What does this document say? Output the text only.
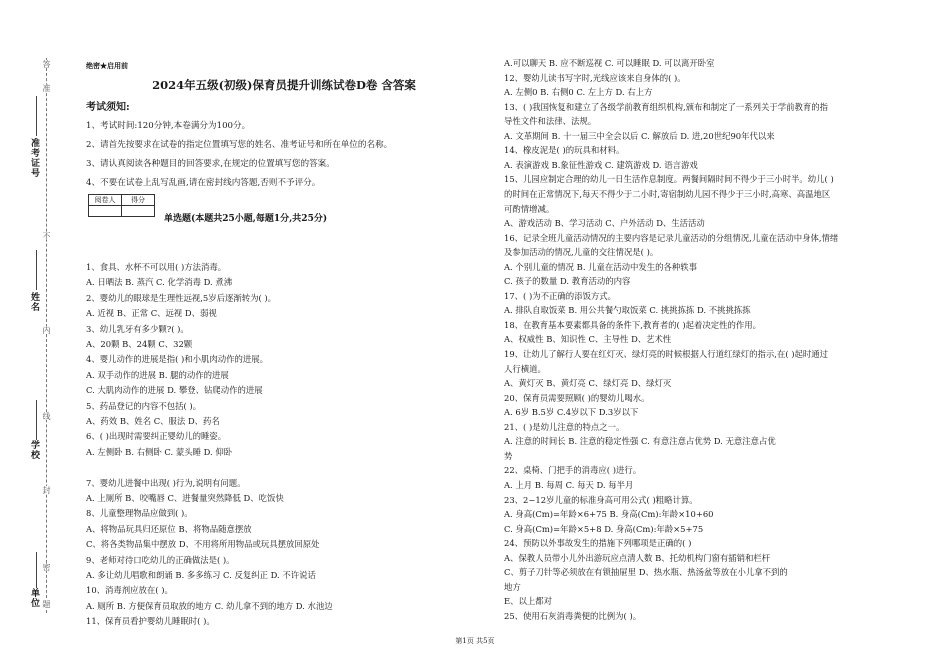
准考证号
姓名
学校
单位
不
内
线
封
密
题
答
准
绝密★启用前
2024年五级(初级)保育员提升训练试卷D卷 含答案
考试须知:
1、考试时间:120分钟,本卷满分为100分。
2、请首先按要求在试卷的指定位置填写您的姓名、准考证号和所在单位的名称。
3、请认真阅读各种题目的回答要求,在规定的位置填写您的答案。
4、不要在试卷上乱写乱画,请在密封线内答题,否则不予评分。
阅卷人	得分

单选题(本题共25小题,每题1分,共25分)
1、食具、水杯不可以用( )方法消毒。
A. 日晒法 B. 蒸汽 C. 化学消毒 D. 煮沸
2、婴幼儿的眼球是生理性远视,5岁后逐渐转为( )。
A. 近视 B、正常 C、远视 D、弱视
3、幼儿乳牙有多少颗?( )。
A、20颗 B、24颗 C、32颗
4、婴儿动作的进展是指( )和小肌肉动作的进展。
A. 双手动作的进展 B. 腿的动作的进展
C. 大肌肉动作的进展 D. 攀登、钻爬动作的进展
5、药品登记的内容不包括( )。
A、药效 B、姓名 C、服法 D、药名
6、( )出现时需要纠正婴幼儿的睡姿。
A. 左侧卧 B. 右侧卧 C. 蒙头睡 D. 仰卧
7、婴幼儿进餐中出现( )行为,说明有问题。
A. 上厕所 B、咬嘴唇 C、进餐量突然降低 D、吃饭快
8、儿童整理物品应做到( )。
A、将物品玩具归还原位 B、将物品随意摆放
C、将各类物品集中摆放 D、不用将所用物品或玩具摆放回原处
9、老师对待口吃幼儿的正确做法是( )。
A. 多让幼儿唱歌和朗诵 B. 多多练习 C. 反复纠正 D. 不许说话
10、消毒剂应放在( )。
A. 厕所 B. 方便保育员取放的地方 C. 幼儿拿不到的地方 D. 水池边
11、保育员看护婴幼儿睡眠时( )。
A.可以聊天 B. 应不断巡视 C. 可以睡眠 D. 可以离开卧室
12、婴幼儿读书写字时,光线应该来自身体的( )。
A. 左侧0 B. 右侧0 C. 左上方 D. 右上方
13、( )我国恢复和建立了各级学前教育组织机构,颁布和制定了一系列关于学前教育的指
导性文件和法律、法规。
A. 文革期间 B. 十一届三中全会以后 C. 解放后 D. 进,20世纪90年代以来
14、橡皮泥是( )的玩具和材料。
A. 表演游戏 B.象征性游戏 C. 建筑游戏 D. 语言游戏
15、儿园应制定合理的幼儿一日生活作息制度。两餐间隔时间不得少于三小时半。幼儿( )
的时间在正常情况下,每天不得少于二小时,寄宿制幼儿园不得少于三小时,高寒、高温地区
可酌情增减。
A、游戏活动 B、学习活动 C、户外活动 D、生活活动
16、记录全班儿童活动情况的主要内容是记录儿童活动的分组情况,儿童在活动中身体,情绪
及参加活动的情况,儿童的交往情况是( )。
A. 个别儿童的情况 B. 儿童在活动中发生的各种轶事
C. 孩子的数量 D. 教育活动的内容
17、( )为不正确的添饭方式。
A. 排队自取饭菜 B. 用公共餐勺取饭菜 C. 挑挑拣拣 D. 不挑挑拣拣
18、在教育基本要素都具备的条件下,教育者的( )起着决定性的作用。
A、权威性 B、知识性 C、主导性 D、艺术性
19、让幼儿了解行人要在红灯灭、绿灯亮的时候根据人行道红绿灯的指示,在( )起时通过
人行横道。
A、黄灯灭 B、黄灯亮 C、绿灯亮 D、绿灯灭
20、保育员需要照顾( )的婴幼儿喝水。
A. 6岁 B.5岁 C.4岁以下 D.3岁以下
21、( )是幼儿注意的特点之一。
A. 注意的时间长 B. 注意的稳定性强 C. 有意注意占优势 D. 无意注意占优
势
22、桌椅、门把手的消毒应( )进行。
A. 上月 B. 每周 C. 每天 D. 每半月
23、2~12岁儿童的标准身高可用公式( )粗略计算。
A. 身高(Cm)=年龄×6+75 B. 身高(Cm):年龄×10+60
C. 身高(Cm)=年龄×5+8 D. 身高(Cm):年龄×5+75
24、预防以外事故发生的措施下列哪项是正确的( )
A、保教人员带小儿外出游玩应点清人数 B、托幼机构门窗有插销和栏杆
C、剪子刀针等必须放在有锁抽屉里 D、热水瓶、热汤盆等放在小儿拿不到的
地方
E、以上都对
25、使用石灰消毒粪便的比例为( )。
第1页 共5页
